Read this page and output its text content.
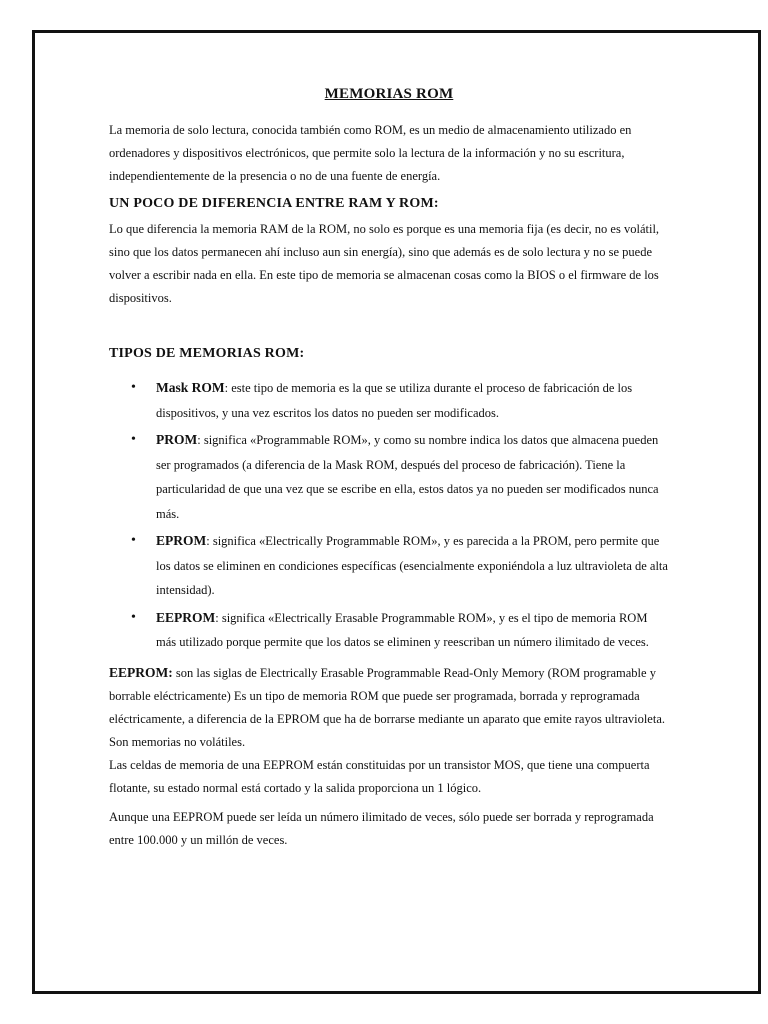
MEMORIAS ROM

La memoria de solo lectura, conocida también como ROM, es un medio de almacenamiento utilizado en ordenadores y dispositivos electrónicos, que permite solo la lectura de la información y no su escritura, independientemente de la presencia o no de una fuente de energía.

UN POCO DE DIFERENCIA ENTRE RAM Y ROM:

Lo que diferencia la memoria RAM de la ROM, no solo es porque es una memoria fija (es decir, no es volátil, sino que los datos permanecen ahí incluso aun sin energía), sino que además es de solo lectura y no se puede volver a escribir nada en ella. En este tipo de memoria se almacenan cosas como la BIOS o el firmware de los dispositivos.

TIPOS DE MEMORIAS ROM:
• Mask ROM: este tipo de memoria es la que se utiliza durante el proceso de fabricación de los dispositivos, y una vez escritos los datos no pueden ser modificados.
• PROM: significa «Programmable ROM», y como su nombre indica los datos que almacena pueden ser programados (a diferencia de la Mask ROM, después del proceso de fabricación). Tiene la particularidad de que una vez que se escribe en ella, estos datos ya no pueden ser modificados nunca más.
• EPROM: significa «Electrically Programmable ROM», y es parecida a la PROM, pero permite que los datos se eliminen en condiciones específicas (esencialmente exponiéndola a luz ultravioleta de alta intensidad).
• EEPROM: significa «Electrically Erasable Programmable ROM», y es el tipo de memoria ROM más utilizado porque permite que los datos se eliminen y reescriban un número ilimitado de veces.

EEPROM: son las siglas de Electrically Erasable Programmable Read-Only Memory (ROM programable y borrable eléctricamente) Es un tipo de memoria ROM que puede ser programada, borrada y reprogramada eléctricamente, a diferencia de la EPROM que ha de borrarse mediante un aparato que emite rayos ultravioleta. Son memorias no volátiles.

Las celdas de memoria de una EEPROM están constituidas por un transistor MOS, que tiene una compuerta flotante, su estado normal está cortado y la salida proporciona un 1 lógico.

Aunque una EEPROM puede ser leída un número ilimitado de veces, sólo puede ser borrada y reprogramada entre 100.000 y un millón de veces.
